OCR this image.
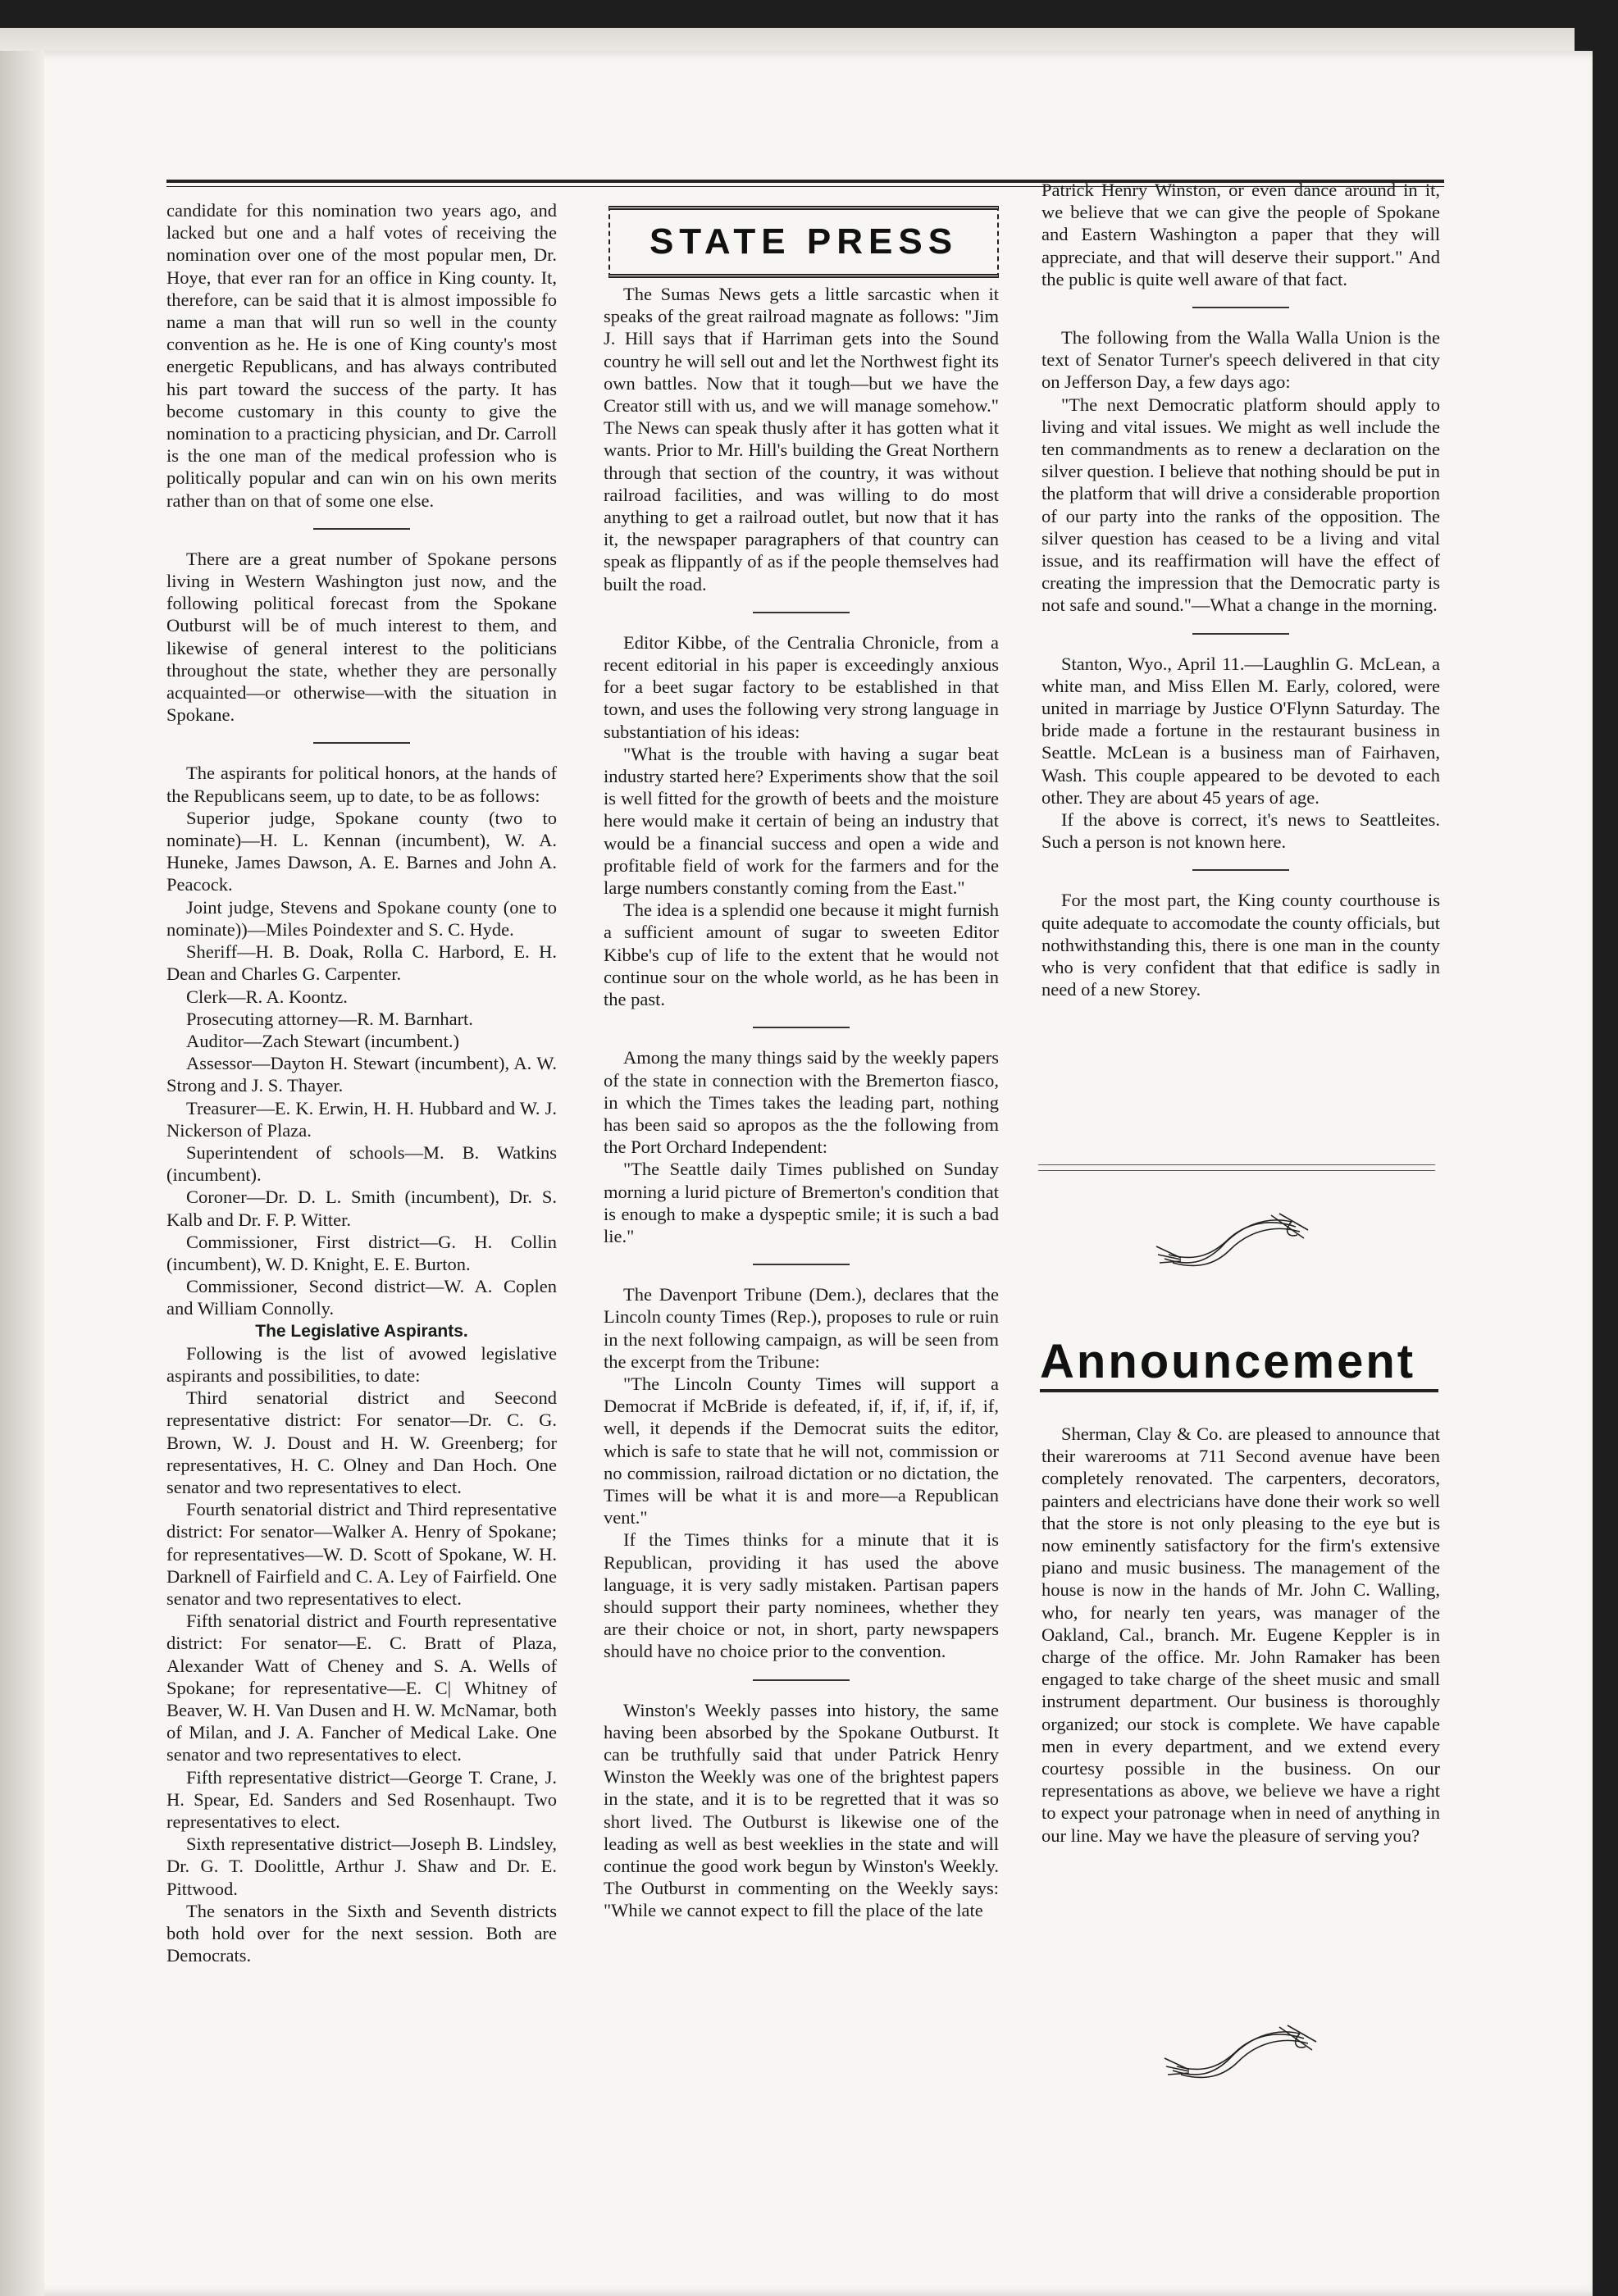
candidate for this nomination two years ago, and lacked but one and a half votes of receiving the nomination over one of the most popular men, Dr. Hoye, that ever ran for an office in King county. It, therefore, can be said that it is almost impossible fo name a man that will run so well in the county convention as he. He is one of King county's most energetic Republicans, and has always contributed his part toward the success of the party. It has become customary in this county to give the nomination to a practicing physician, and Dr. Carroll is the one man of the medical profession who is politically popular and can win on his own merits rather than on that of some one else.

There are a great number of Spokane persons living in Western Washington just now, and the following political forecast from the Spokane Outburst will be of much interest to them, and likewise of general interest to the politicians throughout the state, whether they are personally acquainted—or otherwise—with the situation in Spokane.

The aspirants for political honors, at the hands of the Republicans seem, up to date, to be as follows:

Superior judge, Spokane county (two to nominate)—H. L. Kennan (incumbent), W. A. Huneke, James Dawson, A. E. Barnes and John A. Peacock.

Joint judge, Stevens and Spokane county (one to nominate))—Miles Poindexter and S. C. Hyde.

Sheriff—H. B. Doak, Rolla C. Harbord, E. H. Dean and Charles G. Carpenter.

Clerk—R. A. Koontz.

Prosecuting attorney—R. M. Barnhart.

Auditor—Zach Stewart (incumbent.)

Assessor—Dayton H. Stewart (incumbent), A. W. Strong and J. S. Thayer.

Treasurer—E. K. Erwin, H. H. Hubbard and W. J. Nickerson of Plaza.

Superintendent of schools—M. B. Watkins (incumbent).

Coroner—Dr. D. L. Smith (incumbent), Dr. S. Kalb and Dr. F. P. Witter.

Commissioner, First district—G. H. Collin (incumbent), W. D. Knight, E. E. Burton.

Commissioner, Second district—W. A. Coplen and William Connolly.

The Legislative Aspirants.

Following is the list of avowed legislative aspirants and possibilities, to date:

Third senatorial district and Seecond representative district: For senator—Dr. C. G. Brown, W. J. Doust and H. W. Greenberg; for representatives, H. C. Olney and Dan Hoch. One senator and two representatives to elect.

Fourth senatorial district and Third representative district: For senator—Walker A. Henry of Spokane; for representatives—W. D. Scott of Spokane, W. H. Darknell of Fairfield and C. A. Ley of Fairfield. One senator and two representatives to elect.

Fifth senatorial district and Fourth representative district: For senator—E. C. Bratt of Plaza, Alexander Watt of Cheney and S. A. Wells of Spokane; for representative—E. C| Whitney of Beaver, W. H. Van Dusen and H. W. McNamar, both of Milan, and J. A. Fancher of Medical Lake. One senator and two representatives to elect.

Fifth representative district—George T. Crane, J. H. Spear, Ed. Sanders and Sed Rosenhaupt. Two representatives to elect.

Sixth representative district—Joseph B. Lindsley, Dr. G. T. Doolittle, Arthur J. Shaw and Dr. E. Pittwood.

The senators in the Sixth and Seventh districts both hold over for the next session. Both are Democrats.

STATE PRESS

The Sumas News gets a little sarcastic when it speaks of the great railroad magnate as follows: "Jim J. Hill says that if Harriman gets into the Sound country he will sell out and let the Northwest fight its own battles. Now that it tough—but we have the Creator still with us, and we will manage somehow." The News can speak thusly after it has gotten what it wants. Prior to Mr. Hill's building the Great Northern through that section of the country, it was without railroad facilities, and was willing to do most anything to get a railroad outlet, but now that it has it, the newspaper paragraphers of that country can speak as flippantly of as if the people themselves had built the road.

Editor Kibbe, of the Centralia Chronicle, from a recent editorial in his paper is exceedingly anxious for a beet sugar factory to be established in that town, and uses the following very strong language in substantiation of his ideas:

"What is the trouble with having a sugar beat industry started here? Experiments show that the soil is well fitted for the growth of beets and the moisture here would make it certain of being an industry that would be a financial success and open a wide and profitable field of work for the farmers and for the large numbers constantly coming from the East."

The idea is a splendid one because it might furnish a sufficient amount of sugar to sweeten Editor Kibbe's cup of life to the extent that he would not continue sour on the whole world, as he has been in the past.

Among the many things said by the weekly papers of the state in connection with the Bremerton fiasco, in which the Times takes the leading part, nothing has been said so apropos as the the following from the Port Orchard Independent:

"The Seattle daily Times published on Sunday morning a lurid picture of Bremerton's condition that is enough to make a dyspeptic smile; it is such a bad lie."

The Davenport Tribune (Dem.), declares that the Lincoln county Times (Rep.), proposes to rule or ruin in the next following campaign, as will be seen from the excerpt from the Tribune:

"The Lincoln County Times will support a Democrat if McBride is defeated, if, if, if, if, if, if, well, it depends if the Democrat suits the editor, which is safe to state that he will not, commission or no commission, railroad dictation or no dictation, the Times will be what it is and more—a Republican vent."

If the Times thinks for a minute that it is Republican, providing it has used the above language, it is very sadly mistaken. Partisan papers should support their party nominees, whether they are their choice or not, in short, party newspapers should have no choice prior to the convention.

Winston's Weekly passes into history, the same having been absorbed by the Spokane Outburst. It can be truthfully said that under Patrick Henry Winston the Weekly was one of the brightest papers in the state, and it is to be regretted that it was so short lived. The Outburst is likewise one of the leading as well as best weeklies in the state and will continue the good work begun by Winston's Weekly. The Outburst in commenting on the Weekly says: "While we cannot expect to fill the place of the late

Patrick Henry Winston, or even dance around in it, we believe that we can give the people of Spokane and Eastern Washington a paper that they will appreciate, and that will deserve their support." And the public is quite well aware of that fact.

The following from the Walla Walla Union is the text of Senator Turner's speech delivered in that city on Jefferson Day, a few days ago:

"The next Democratic platform should apply to living and vital issues. We might as well include the ten commandments as to renew a declaration on the silver question. I believe that nothing should be put in the platform that will drive a considerable proportion of our party into the ranks of the opposition. The silver question has ceased to be a living and vital issue, and its reaffirmation will have the effect of creating the impression that the Democratic party is not safe and sound."—What a change in the morning.

Stanton, Wyo., April 11.—Laughlin G. McLean, a white man, and Miss Ellen M. Early, colored, were united in marriage by Justice O'Flynn Saturday. The bride made a fortune in the restaurant business in Seattle. McLean is a business man of Fairhaven, Wash. This couple appeared to be devoted to each other. They are about 45 years of age.

If the above is correct, it's news to Seattleites. Such a person is not known here.

For the most part, the King county courthouse is quite adequate to accomodate the county officials, but nothwithstanding this, there is one man in the county who is very confident that that edifice is sadly in need of a new Storey.

Announcement

Sherman, Clay & Co. are pleased to announce that their warerooms at 711 Second avenue have been completely renovated. The carpenters, decorators, painters and electricians have done their work so well that the store is not only pleasing to the eye but is now eminently satisfactory for the firm's extensive piano and music business. The management of the house is now in the hands of Mr. John C. Walling, who, for nearly ten years, was manager of the Oakland, Cal., branch. Mr. Eugene Keppler is in charge of the office. Mr. John Ramaker has been engaged to take charge of the sheet music and small instrument department. Our business is thoroughly organized; our stock is complete. We have capable men in every department, and we extend every courtesy possible in the business. On our representations as above, we believe we have a right to expect your patronage when in need of anything in our line. May we have the pleasure of serving you?
